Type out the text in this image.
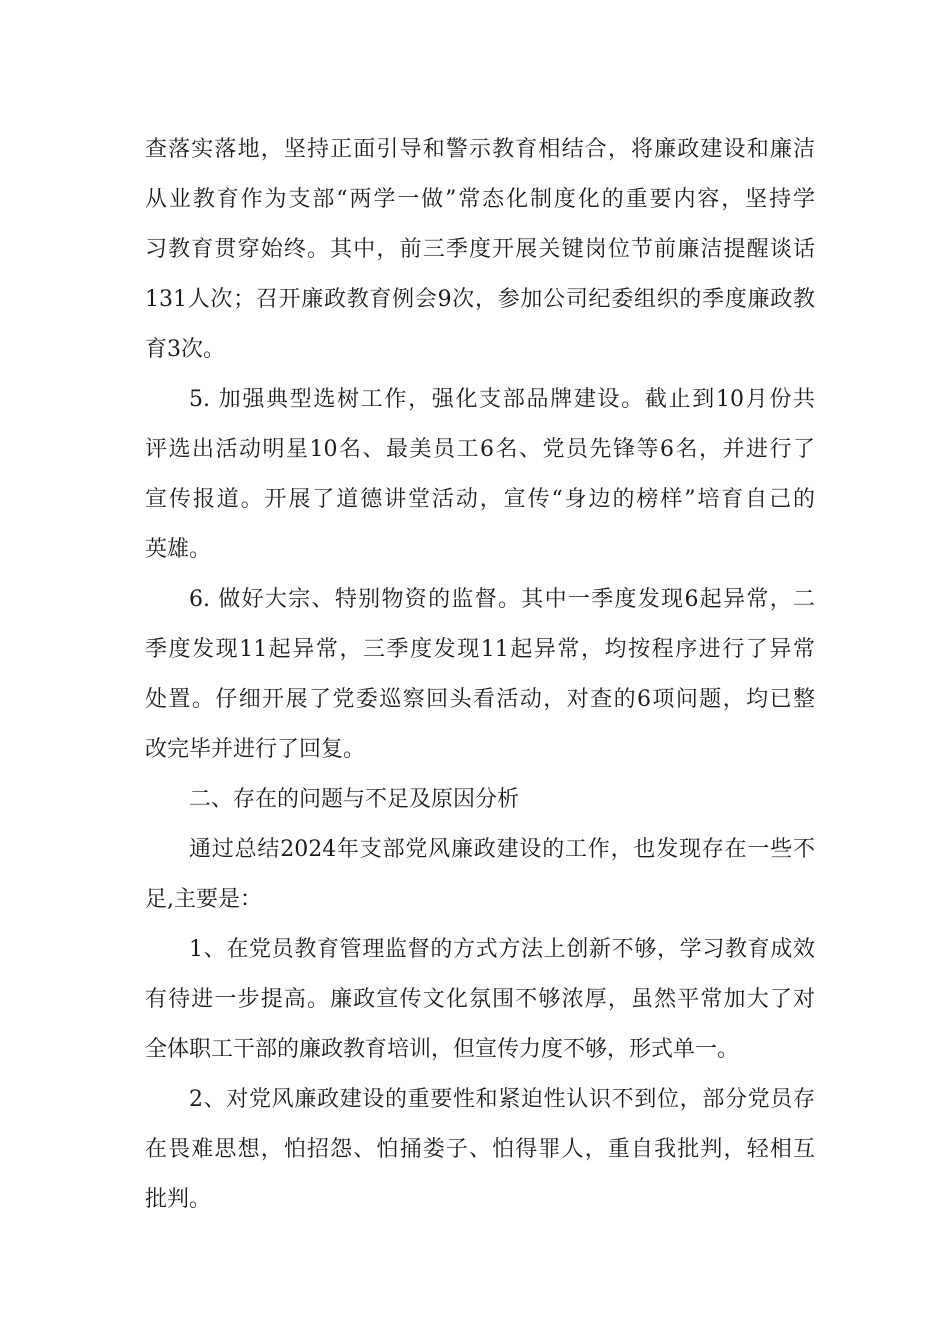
查落实落地，坚持正面引导和警示教育相结合，将廉政建设和廉洁
从业教育作为支部“两学一做”常态化制度化的重要内容，坚持学
习教育贯穿始终。其中，前三季度开展关键岗位节前廉洁提醒谈话
131人次；召开廉政教育例会9次，参加公司纪委组织的季度廉政教
育3次。
5. 加强典型选树工作，强化支部品牌建设。截止到10月份共
评选出活动明星10名、最美员工6名、党员先锋等6名，并进行了
宣传报道。开展了道德讲堂活动，宣传“身边的榜样”培育自己的
英雄。
6. 做好大宗、特别物资的监督。其中一季度发现6起异常，二
季度发现11起异常，三季度发现11起异常，均按程序进行了异常
处置。仔细开展了党委巡察回头看活动，对查的6项问题，均已整
改完毕并进行了回复。
二、存在的问题与不足及原因分析
通过总结2024年支部党风廉政建设的工作，也发现存在一些不
足,主要是：
1、在党员教育管理监督的方式方法上创新不够，学习教育成效
有待进一步提高。廉政宣传文化氛围不够浓厚，虽然平常加大了对
全体职工干部的廉政教育培训，但宣传力度不够，形式单一。
2、对党风廉政建设的重要性和紧迫性认识不到位，部分党员存
在畏难思想，怕招怨、怕捅娄子、怕得罪人，重自我批判，轻相互
批判。
